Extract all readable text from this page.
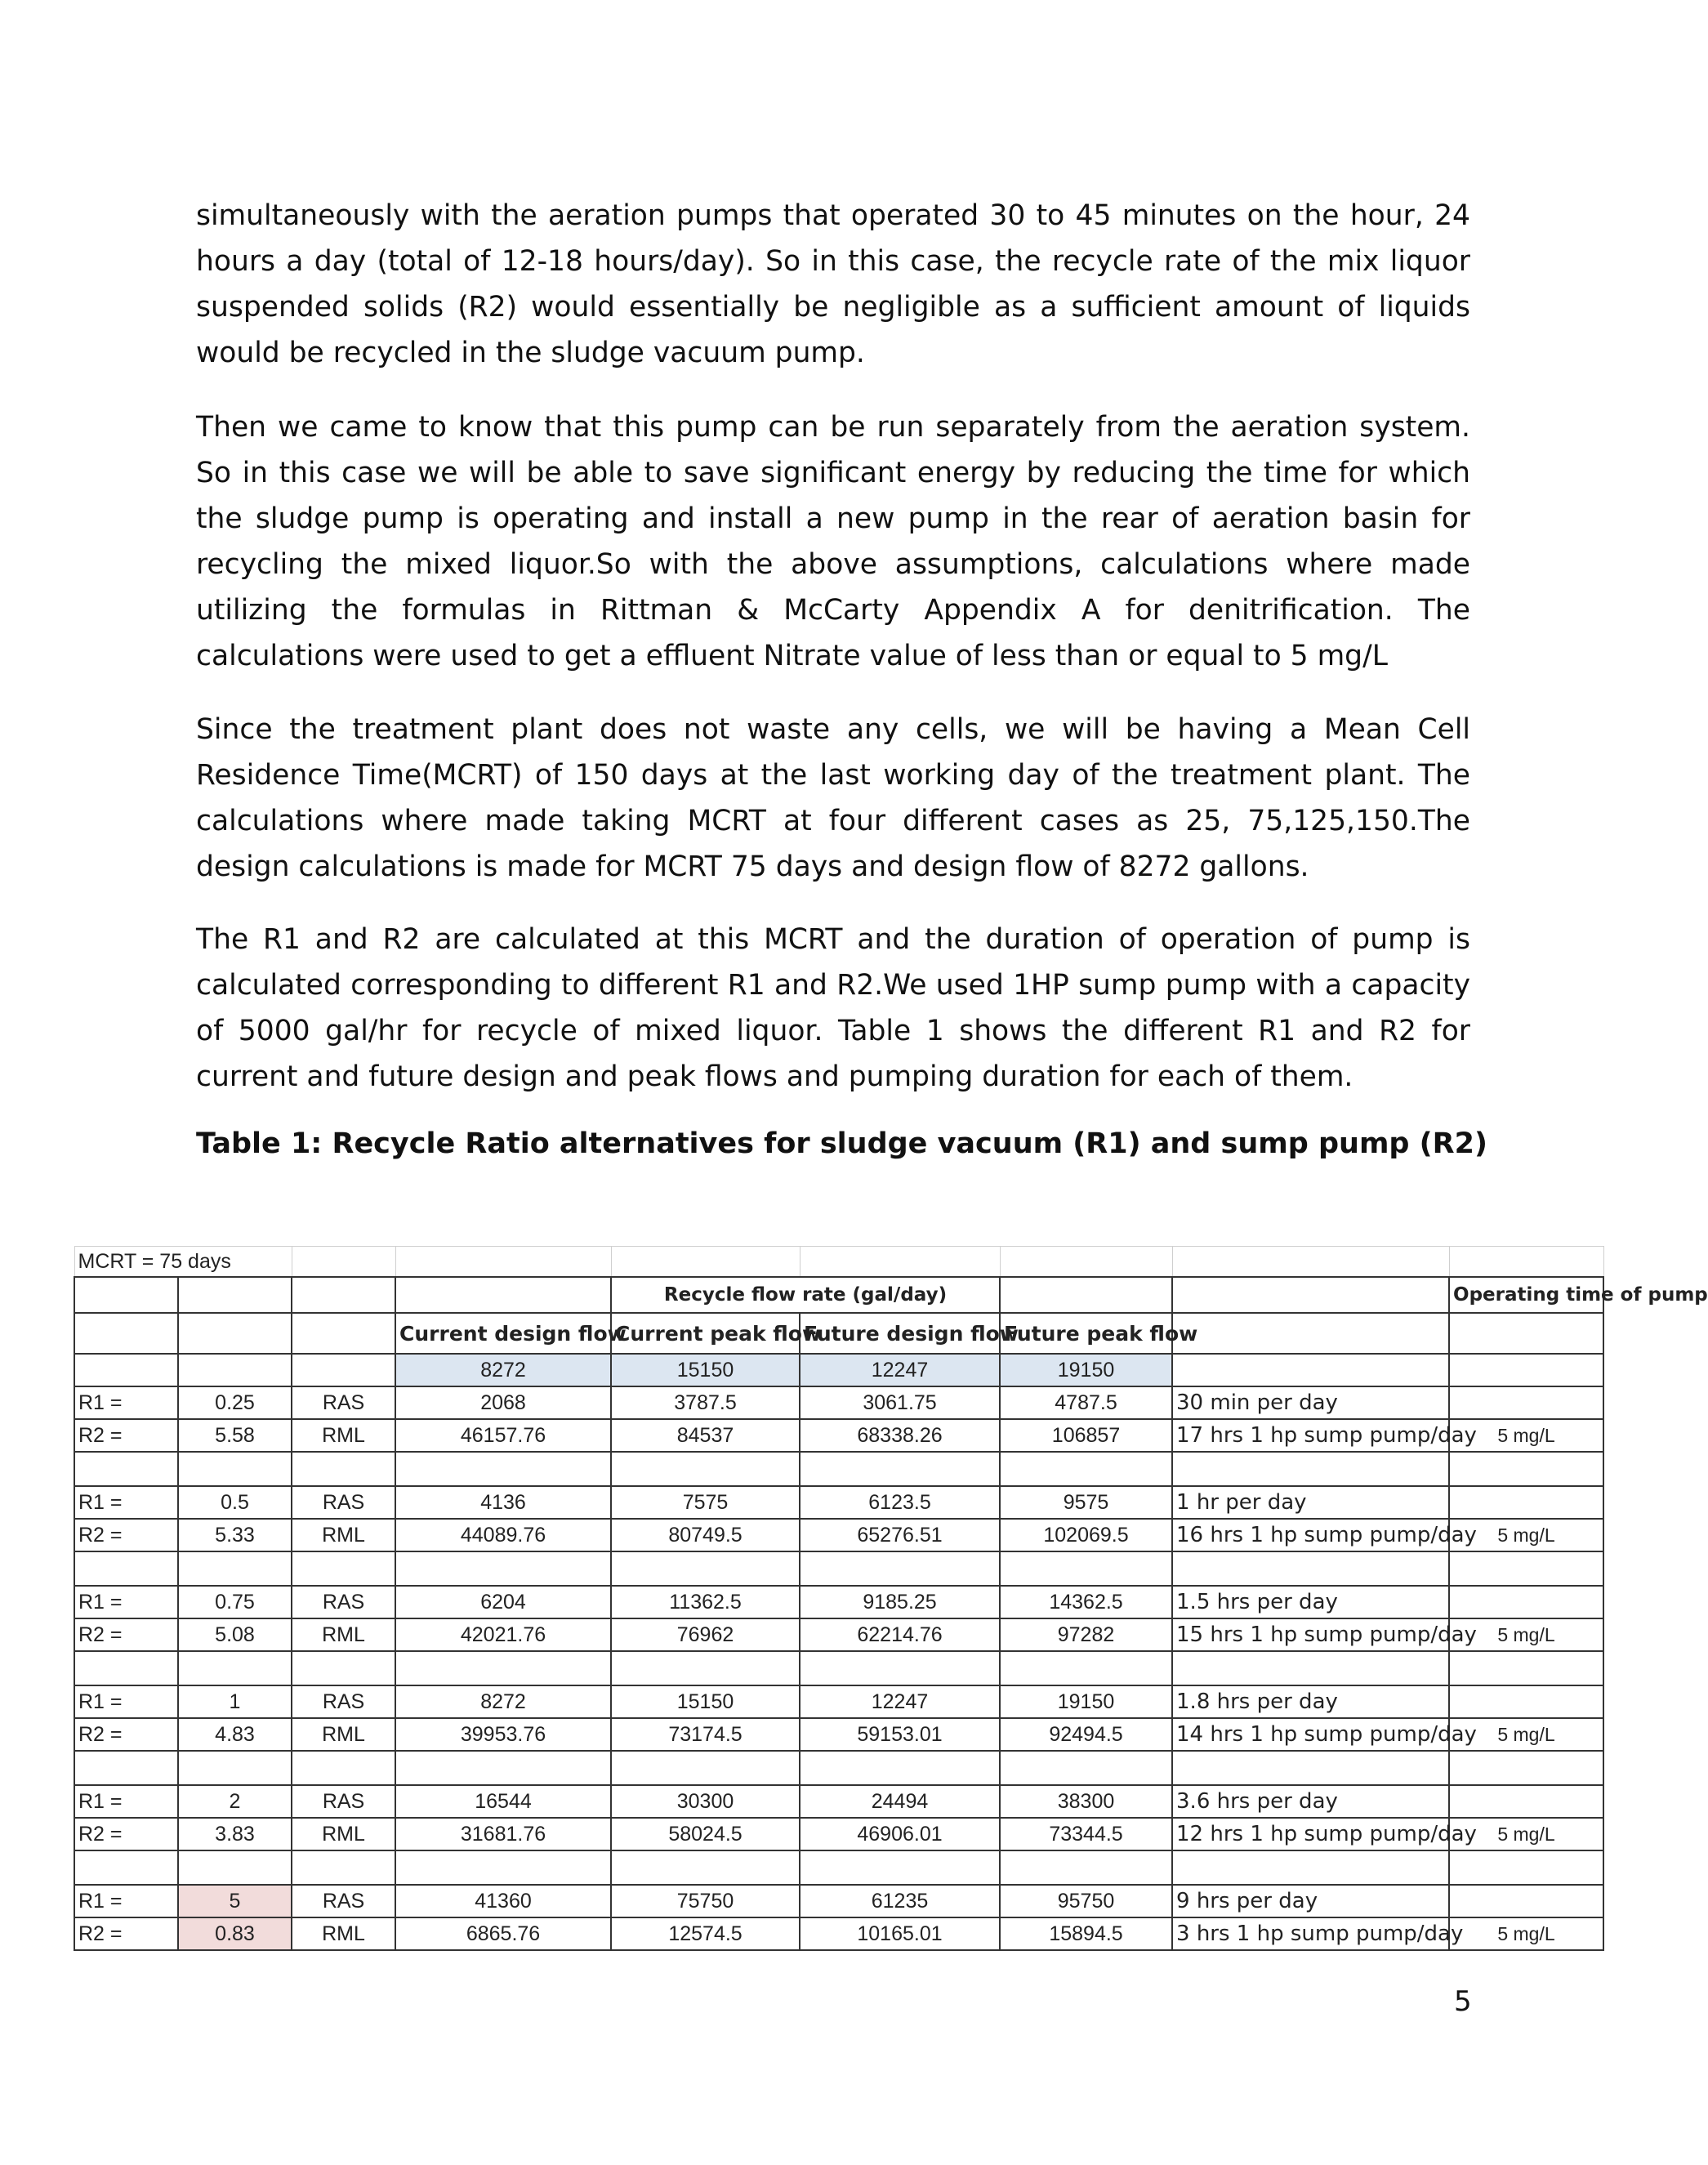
simultaneously with the aeration pumps that operated 30 to 45 minutes on the hour, 24 hours a day (total of 12-18 hours/day). So in this case, the recycle rate of the mix liquor suspended solids (R2) would essentially be negligible as a sufficient amount of liquids would be recycled in the sludge vacuum pump.
Then we came to know that this pump can be run separately from the aeration system. So in this case we will be able to save significant energy by reducing the time for which the sludge pump is operating and install a new pump in the rear of aeration basin for recycling the mixed liquor.So with the above assumptions, calculations where made utilizing the formulas in Rittman & McCarty Appendix A for denitrification. The calculations were used to get a effluent Nitrate value of less than or equal to 5 mg/L
Since the treatment plant does not waste any cells, we will be having a Mean Cell Residence Time(MCRT) of 150 days at the last working day of the treatment plant. The calculations where made taking MCRT at four different cases as 25, 75,125,150.The design calculations is made for MCRT 75 days and design flow of 8272 gallons.
The R1 and R2 are calculated at this MCRT and the duration of operation of pump is calculated corresponding to different R1 and R2.We used 1HP sump pump with a capacity of 5000 gal/hr for recycle of mixed liquor. Table 1 shows the different R1 and R2 for current and future design and peak flows and pumping duration for each of them.
Table 1: Recycle Ratio alternatives for sludge vacuum (R1) and sump pump (R2)
MCRT = 75 days									
				Recycle flow rate (gal/day)				Operating time of pump	
			Current design flow	Current peak flow	Future design flow	Future peak flow			
			8272	15150	12247	19150			
R1 =	0.25	RAS	2068	3787.5	3061.75	4787.5	30 min per day		
R2 =	5.58	RML	46157.76	84537	68338.26	106857	17 hrs 1 hp sump pump/day	5 mg/L	

R1 =	0.5	RAS	4136	7575	6123.5	9575	1 hr per day		
R2 =	5.33	RML	44089.76	80749.5	65276.51	102069.5	16 hrs 1 hp sump pump/day	5 mg/L	

R1 =	0.75	RAS	6204	11362.5	9185.25	14362.5	1.5 hrs per day		
R2 =	5.08	RML	42021.76	76962	62214.76	97282	15 hrs 1 hp sump pump/day	5 mg/L	

R1 =	1	RAS	8272	15150	12247	19150	1.8 hrs per day		
R2 =	4.83	RML	39953.76	73174.5	59153.01	92494.5	14 hrs 1 hp sump pump/day	5 mg/L	

R1 =	2	RAS	16544	30300	24494	38300	3.6 hrs per day		
R2 =	3.83	RML	31681.76	58024.5	46906.01	73344.5	12 hrs 1 hp sump pump/day	5 mg/L	

R1 =	5	RAS	41360	75750	61235	95750	9 hrs per day		
R2 =	0.83	RML	6865.76	12574.5	10165.01	15894.5	3 hrs 1 hp sump pump/day	5 mg/L	
5
